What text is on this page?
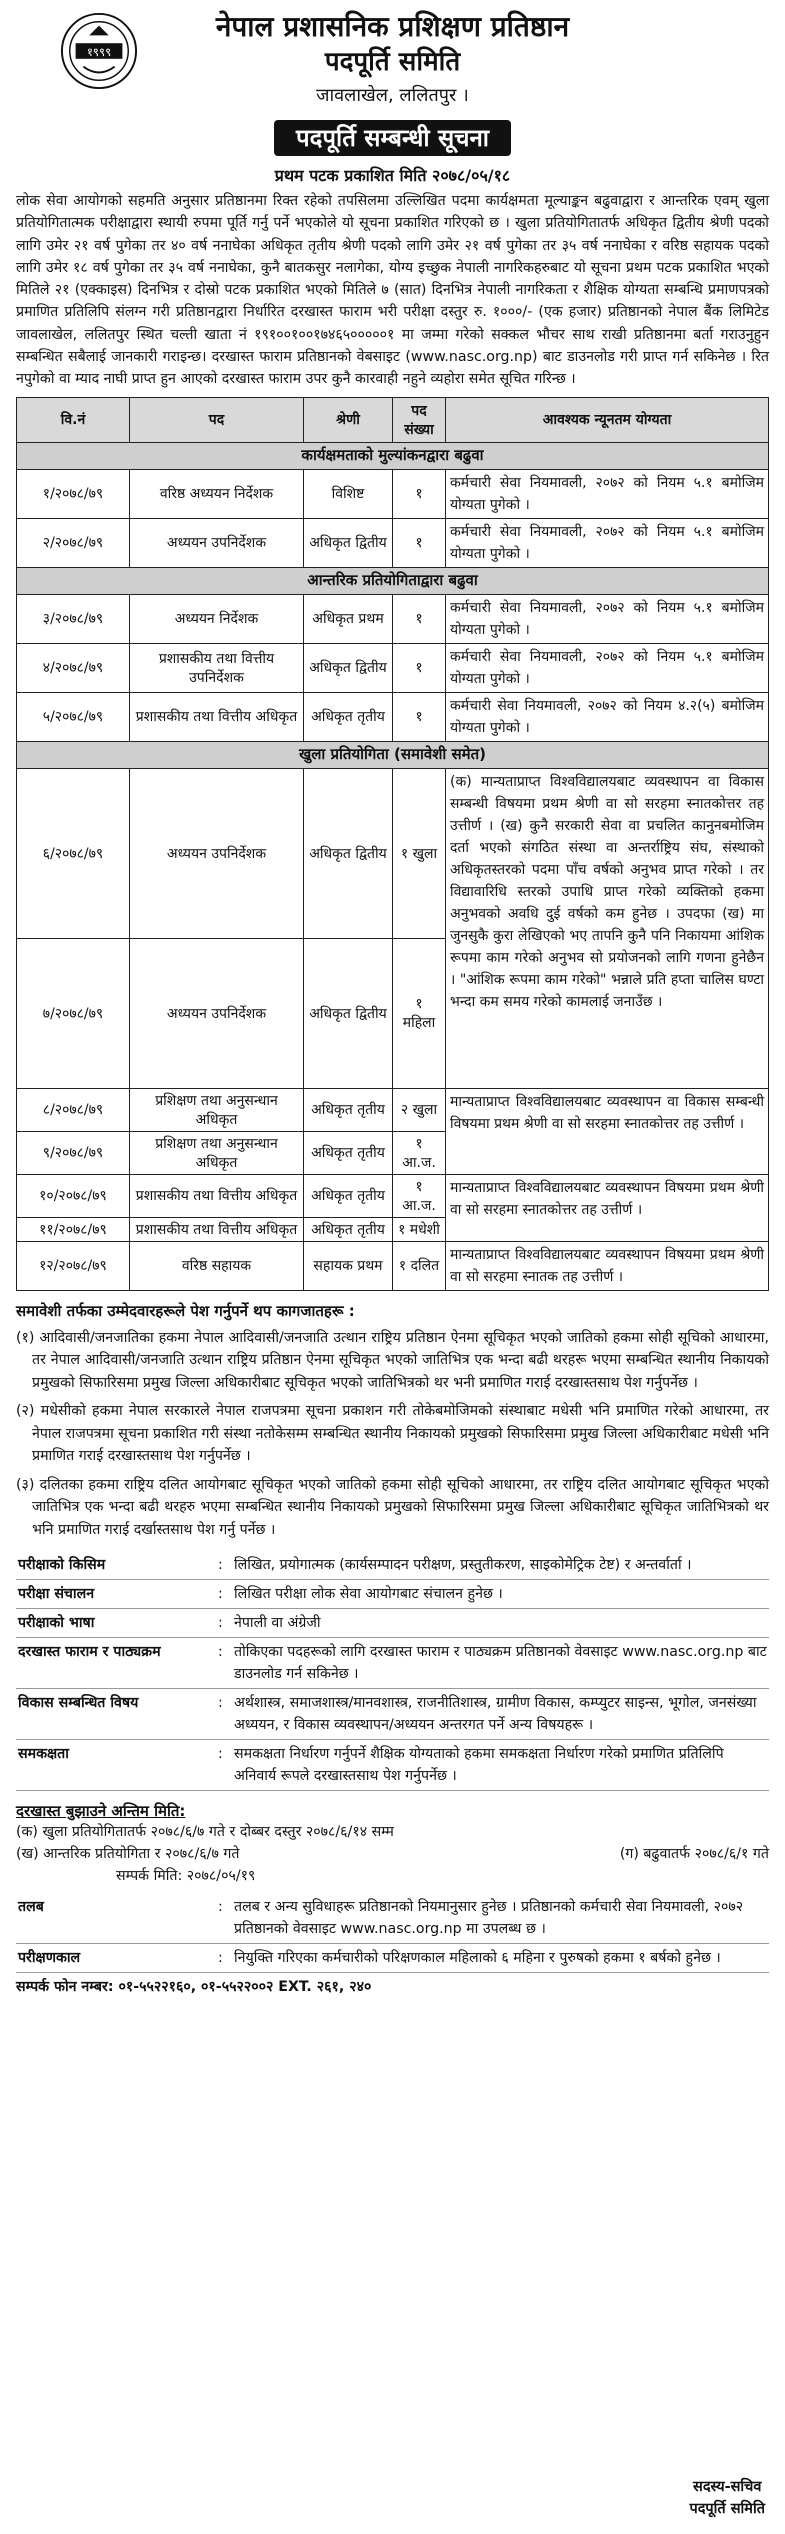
१९९९
नेपाल प्रशासनिक प्रशिक्षण प्रतिष्ठान
पदपूर्ति समिति
जावलाखेल, ललितपुर ।
पदपूर्ति सम्बन्धी सूचना
प्रथम पटक प्रकाशित मिति २०७८/०५/१८
लोक सेवा आयोगको सहमति अनुसार प्रतिष्ठानमा रिक्त रहेको तपसिलमा उल्लिखित पदमा कार्यक्षमता मूल्याङ्कन बढुवाद्वारा र आन्तरिक एवम् खुला प्रतियोगितात्मक परीक्षाद्वारा स्थायी रुपमा पूर्ति गर्नु पर्ने भएकोले यो सूचना प्रकाशित गरिएको छ । खुला प्रतियोगितातर्फ अधिकृत द्वितीय श्रेणी पदको लागि उमेर २१ वर्ष पुगेका तर ४० वर्ष ननाघेका अधिकृत तृतीय श्रेणी पदको लागि उमेर २१ वर्ष पुगेका तर ३५ वर्ष ननाघेका र वरिष्ठ सहायक पदको लागि उमेर १८ वर्ष पुगेका तर ३५ वर्ष ननाघेका, कुनै बातकसुर नलागेका, योग्य इच्छुक नेपाली नागरिकहरुबाट यो सूचना प्रथम पटक प्रकाशित भएको मितिले २१ (एक्काइस) दिनभित्र र दोस्रो पटक प्रकाशित भएको मितिले ७ (सात) दिनभित्र नेपाली नागरिकता र शैक्षिक योग्यता सम्बन्धि प्रमाणपत्रको प्रमाणित प्रतिलिपि संलग्न गरी प्रतिष्ठानद्वारा निर्धारित दरखास्त फाराम भरी परीक्षा दस्तुर रु. १०००/- (एक हजार) प्रतिष्ठानको नेपाल बैंक लिमिटेड जावलाखेल, ललितपुर स्थित चल्ती खाता नं १९१००१००१७४६५०००००१ मा जम्मा गरेको सक्कल भौचर साथ राखी प्रतिष्ठानमा बर्ता गराउनुहुन सम्बन्धित सबैलाई जानकारी गराइन्छ। दरखास्त फाराम प्रतिष्ठानको वेबसाइट (www.nasc.org.np) बाट डाउनलोड गरी प्राप्त गर्न सकिनेछ । रित नपुगेको वा म्याद नाघी प्राप्त हुन आएको दरखास्त फाराम उपर कुनै कारवाही नहुने व्यहोरा समेत सूचित गरिन्छ ।
वि.नं	पद	श्रेणी	पद संख्या	आवश्यक न्यूनतम योग्यता
कार्यक्षमताको मुल्यांकनद्वारा बढुवा				
१/२०७८/७९	वरिष्ठ अध्ययन निर्देशक	विशिष्ट	१	कर्मचारी सेवा नियमावली, २०७२ को नियम ५.१ बमोजिम योग्यता पुगेको ।
२/२०७८/७९	अध्ययन उपनिर्देशक	अधिकृत द्वितीय	१	कर्मचारी सेवा नियमावली, २०७२ को नियम ५.१ बमोजिम योग्यता पुगेको ।
आन्तरिक प्रतियोगिताद्वारा बढुवा				
३/२०७८/७९	अध्ययन निर्देशक	अधिकृत प्रथम	१	कर्मचारी सेवा नियमावली, २०७२ को नियम ५.१ बमोजिम योग्यता पुगेको ।
४/२०७८/७९	प्रशासकीय तथा वित्तीय उपनिर्देशक	अधिकृत द्वितीय	१	कर्मचारी सेवा नियमावली, २०७२ को नियम ५.१ बमोजिम योग्यता पुगेको ।
५/२०७८/७९	प्रशासकीय तथा वित्तीय अधिकृत	अधिकृत तृतीय	१	कर्मचारी सेवा नियमावली, २०७२ को नियम ४.२(५) बमोजिम योग्यता पुगेको ।
खुला प्रतियोगिता (समावेशी समेत)				
६/२०७८/७९	अध्ययन उपनिर्देशक	अधिकृत द्वितीय	१ खुला	(क) मान्यताप्राप्त विश्वविद्यालयबाट व्यवस्थापन वा विकास सम्बन्धी विषयमा प्रथम श्रेणी वा सो सरहमा स्नातकोत्तर तह उत्तीर्ण । (ख) कुनै सरकारी सेवा वा प्रचलित कानुनबमोजिम दर्ता भएको संगठित संस्था वा अन्तर्राष्ट्रिय संघ, संस्थाको अधिकृतस्तरको पदमा पाँच वर्षको अनुभव प्राप्त गरेको । तर विद्यावारिधि स्तरको उपाधि प्राप्त गरेको व्यक्तिको हकमा अनुभवको अवधि दुई वर्षको कम हुनेछ । उपदफा (ख) मा जुनसुकै कुरा लेखिएको भए तापनि कुनै पनि निकायमा आंशिक रूपमा काम गरेको अनुभव सो प्रयोजनको लागि गणना हुनेछैन । "आंशिक रूपमा काम गरेको" भन्नाले प्रति हप्ता चालिस घण्टा भन्दा कम समय गरेको कामलाई जनाउँछ ।
७/२०७८/७९	अध्ययन उपनिर्देशक	अधिकृत द्वितीय	१ महिला	
८/२०७८/७९	प्रशिक्षण तथा अनुसन्धान अधिकृत	अधिकृत तृतीय	२ खुला	मान्यताप्राप्त विश्वविद्यालयबाट व्यवस्थापन वा विकास सम्बन्धी विषयमा प्रथम श्रेणी वा सो सरहमा स्नातकोत्तर तह उत्तीर्ण ।
९/२०७८/७९	प्रशिक्षण तथा अनुसन्धान अधिकृत	अधिकृत तृतीय	१ आ.ज.	
१०/२०७८/७९	प्रशासकीय तथा वित्तीय अधिकृत	अधिकृत तृतीय	१ आ.ज.	मान्यताप्राप्त विश्वविद्यालयबाट व्यवस्थापन विषयमा प्रथम श्रेणी वा सो सरहमा स्नातकोत्तर तह उत्तीर्ण ।
११/२०७८/७९	प्रशासकीय तथा वित्तीय अधिकृत	अधिकृत तृतीय	१ मधेशी	
१२/२०७८/७९	वरिष्ठ सहायक	सहायक प्रथम	१ दलित	मान्यताप्राप्त विश्वविद्यालयबाट व्यवस्थापन विषयमा प्रथम श्रेणी वा सो सरहमा स्नातक तह उत्तीर्ण ।
समावेशी तर्फका उम्मेदवारहरूले पेश गर्नुपर्ने थप कागजातहरू :
(१) आदिवासी/जनजातिका हकमा नेपाल आदिवासी/जनजाति उत्थान राष्ट्रिय प्रतिष्ठान ऐनमा सूचिकृत भएको जातिको हकमा सोही सूचिको आधारमा, तर नेपाल आदिवासी/जनजाति उत्थान राष्ट्रिय प्रतिष्ठान ऐनमा सूचिकृत भएको जातिभित्र एक भन्दा बढी थरहरू भएमा सम्बन्धित स्थानीय निकायको प्रमुखको सिफारिसमा प्रमुख जिल्ला अधिकारीबाट सूचिकृत भएको जातिभित्रको थर भनी प्रमाणित गराई दरखास्तसाथ पेश गर्नुपर्नेछ ।
(२) मधेसीको हकमा नेपाल सरकारले नेपाल राजपत्रमा सूचना प्रकाशन गरी तोकेबमोजिमको संस्थाबाट मधेसी भनि प्रमाणित गरेको आधारमा, तर नेपाल राजपत्रमा सूचना प्रकाशित गरी संस्था नतोकेसम्म सम्बन्धित स्थानीय निकायको प्रमुखको सिफारिसमा प्रमुख जिल्ला अधिकारीबाट मधेसी भनि प्रमाणित गराई दरखास्तसाथ पेश गर्नुपर्नेछ ।
(३) दलितका हकमा राष्ट्रिय दलित आयोगबाट सूचिकृत भएको जातिको हकमा सोही सूचिको आधारमा, तर राष्ट्रिय दलित आयोगबाट सूचिकृत भएको जातिभित्र एक भन्दा बढी थरहरु भएमा सम्बन्धित स्थानीय निकायको प्रमुखको सिफारिसमा प्रमुख जिल्ला अधिकारीबाट सूचिकृत जातिभित्रको थर भनि प्रमाणित गराई दर्खास्तसाथ पेश गर्नु पर्नेछ ।
परीक्षाको किसिम	:	लिखित, प्रयोगात्मक (कार्यसम्पादन परीक्षण, प्रस्तुतीकरण, साइकोमेट्रिक टेष्ट) र अन्तर्वार्ता ।
परीक्षा संचालन	:	लिखित परीक्षा लोक सेवा आयोगबाट संचालन हुनेछ ।
परीक्षाको भाषा	:	नेपाली वा अंग्रेजी
दरखास्त फाराम र पाठ्यक्रम	:	तोकिएका पदहरूको लागि दरखास्त फाराम र पाठ्यक्रम प्रतिष्ठानको वेवसाइट www.nasc.org.np बाट डाउनलोड गर्न सकिनेछ ।
विकास सम्बन्धित विषय	:	अर्थशास्त्र, समाजशास्त्र/मानवशास्त्र, राजनीतिशास्त्र, ग्रामीण विकास, कम्प्युटर साइन्स, भूगोल, जनसंख्या अध्ययन, र विकास व्यवस्थापन/अध्ययन अन्तरगत पर्ने अन्य विषयहरू ।
समकक्षता	:	समकक्षता निर्धारण गर्नुपर्ने शैक्षिक योग्यताको हकमा समकक्षता निर्धारण गरेको प्रमाणित प्रतिलिपि अनिवार्य रूपले दरखास्तसाथ पेश गर्नुपर्नेछ ।
दरखास्त बुझाउने अन्तिम मिति:
(क) खुला प्रतियोगितातर्फ २०७८/६/७ गते र दोब्बर दस्तुर २०७८/६/१४ सम्म
(ख) आन्तरिक प्रतियोगिता र २०७८/६/७ गते	(ग) बढुवातर्फ २०७८/६/१ गते
सम्पर्क मिति: २०७८/०५/१९
तलब	:	तलब र अन्य सुविधाहरू प्रतिष्ठानको नियमानुसार हुनेछ । प्रतिष्ठानको कर्मचारी सेवा नियमावली, २०७२ प्रतिष्ठानको वेवसाइट www.nasc.org.np मा उपलब्ध छ ।
परीक्षणकाल	:	नियुक्ति गरिएका कर्मचारीको परिक्षणकाल महिलाको ६ महिना र पुरुषको हकमा १ बर्षको हुनेछ ।
सम्पर्क फोन नम्बर: ०१-५५२२१६०, ०१-५५२२००२ EXT. २६१, २४०
सदस्य-सचिव
पदपूर्ति समिति
